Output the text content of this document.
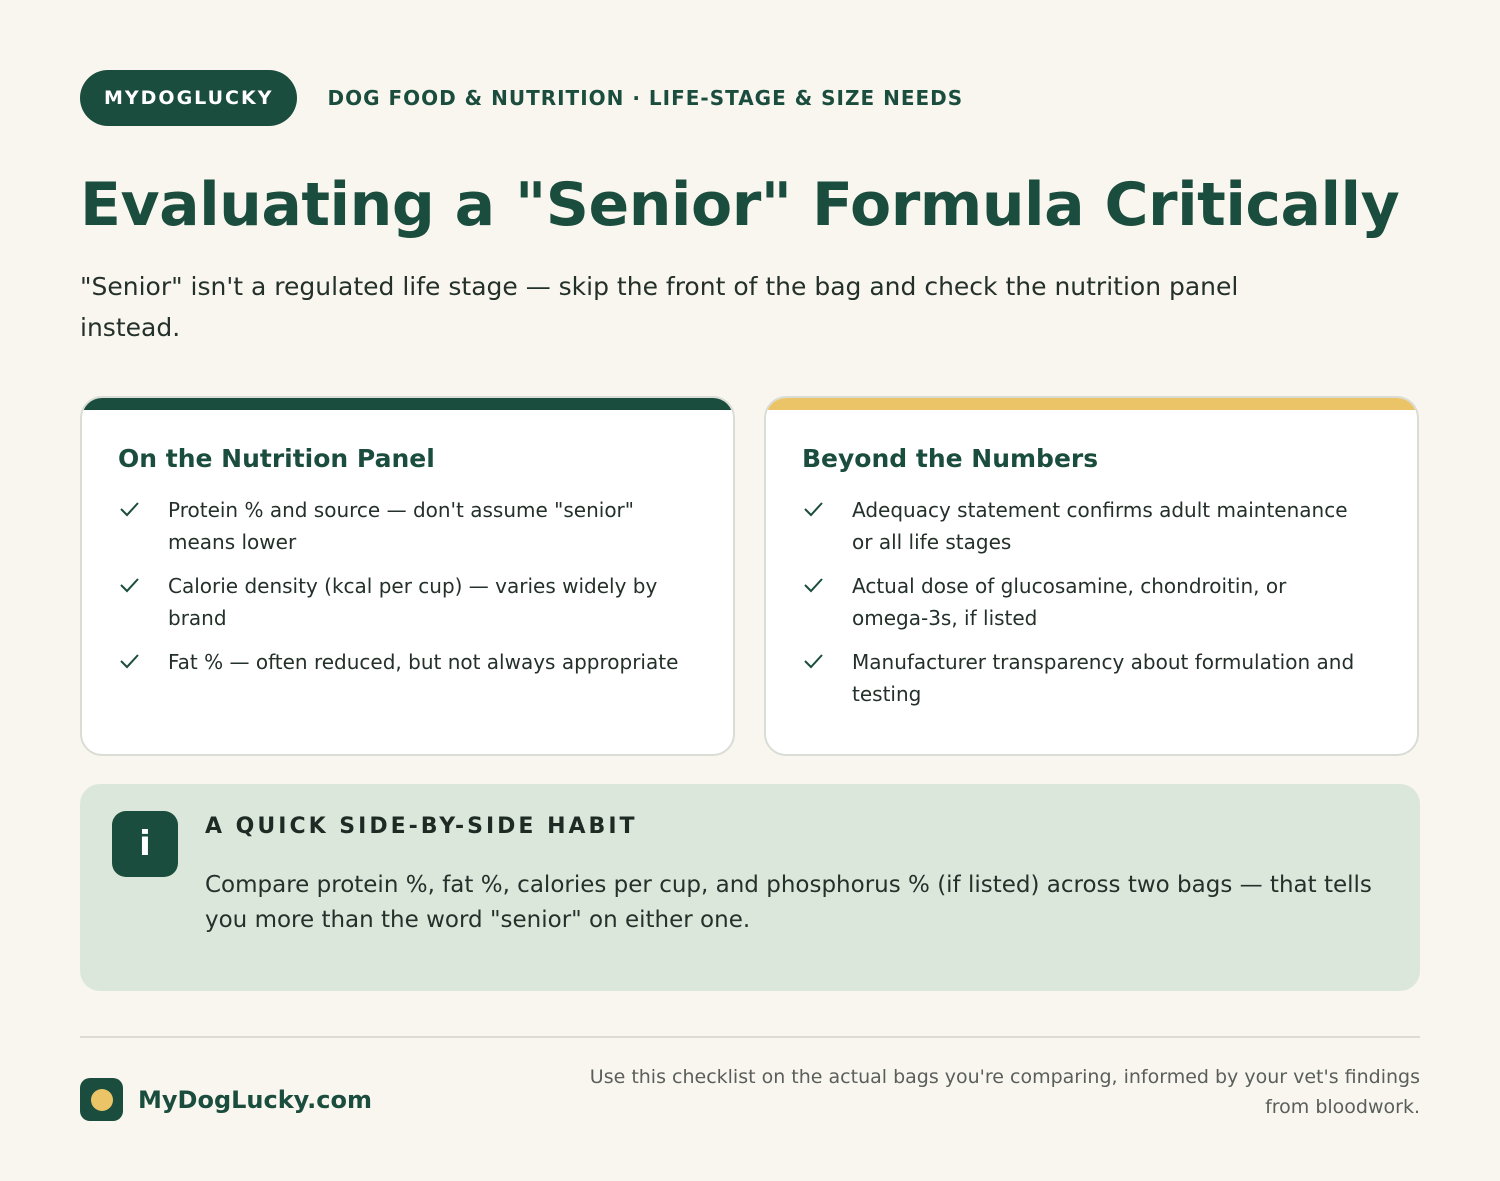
MYDOGLUCKY	DOG FOOD & NUTRITION · LIFE-STAGE & SIZE NEEDS
Evaluating a "Senior" Formula Critically

"Senior" isn't a regulated life stage — skip the front of the bag and check the nutrition panel instead.

On the Nutrition Panel
Protein % and source — don't assume "senior" means lower
Calorie density (kcal per cup) — varies widely by brand
Fat % — often reduced, but not always appropriate
Beyond the Numbers
Adequacy statement confirms adult maintenance or all life stages
Actual dose of glucosamine, chondroitin, or omega-3s, if listed
Manufacturer transparency about formulation and testing
i	A QUICK SIDE-BY-SIDE HABIT

Compare protein %, fat %, calories per cup, and phosphorus % (if listed) across two bags — that tells you more than the word "senior" on either one.

MyDogLucky.com

Use this checklist on the actual bags you're comparing, informed by your vet's findings from bloodwork.
